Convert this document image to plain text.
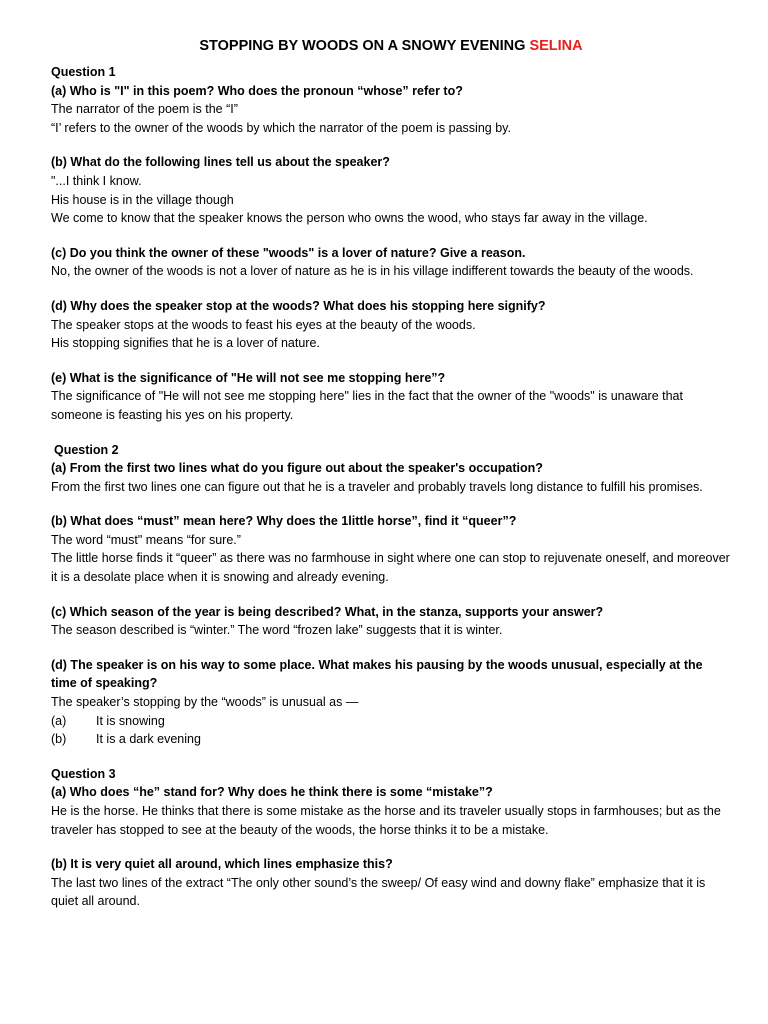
STOPPING BY WOODS ON A SNOWY EVENING SELINA
Question 1
(a) Who is "I" in this poem? Who does the pronoun “whose” refer to?
The narrator of the poem is the “I”
“I’ refers to the owner of the woods by which the narrator of the poem is passing by.
(b) What do the following lines tell us about the speaker?
"...I think I know.
His house is in the village though
We come to know that the speaker knows the person who owns the wood, who stays far away in the village.
(c) Do you think the owner of these "woods" is a lover of nature? Give a reason.
No, the owner of the woods is not a lover of nature as he is in his village indifferent towards the beauty of the woods.
(d) Why does the speaker stop at the woods? What does his stopping here signify?
The speaker stops at the woods to feast his eyes at the beauty of the woods.
His stopping signifies that he is a lover of nature.
(e) What is the significance of "He will not see me stopping here”?
The significance of "He will not see me stopping here" lies in the fact that the owner of the "woods" is unaware that someone is feasting his yes on his property.
Question 2
(a) From the first two lines what do you figure out about the speaker's occupation?
From the first two lines one can figure out that he is a traveler and probably travels long distance to fulfill his promises.
(b) What does “must” mean here? Why does the 1little horse”, find it “queer”?
The word “must" means “for sure.”
The little horse finds it “queer” as there was no farmhouse in sight where one can stop to rejuvenate oneself, and moreover it is a desolate place when it is snowing and already evening.
(c) Which season of the year is being described? What, in the stanza, supports your answer?
The season described is “winter.” The word “frozen lake” suggests that it is winter.
(d) The speaker is on his way to some place. What makes his pausing by the woods unusual, especially at the time of speaking?
The speaker’s stopping by the “woods” is unusual as —
(a)	It is snowing
(b)	It is a dark evening
Question 3
(a) Who does “he” stand for? Why does he think there is some “mistake”?
He is the horse. He thinks that there is some mistake as the horse and its traveler usually stops in farmhouses; but as the traveler has stopped to see at the beauty of the woods, the horse thinks it to be a mistake.
(b) It is very quiet all around, which lines emphasize this?
The last two lines of the extract “The only other sound’s the sweep/ Of easy wind and downy flake” emphasize that it is quiet all around.
